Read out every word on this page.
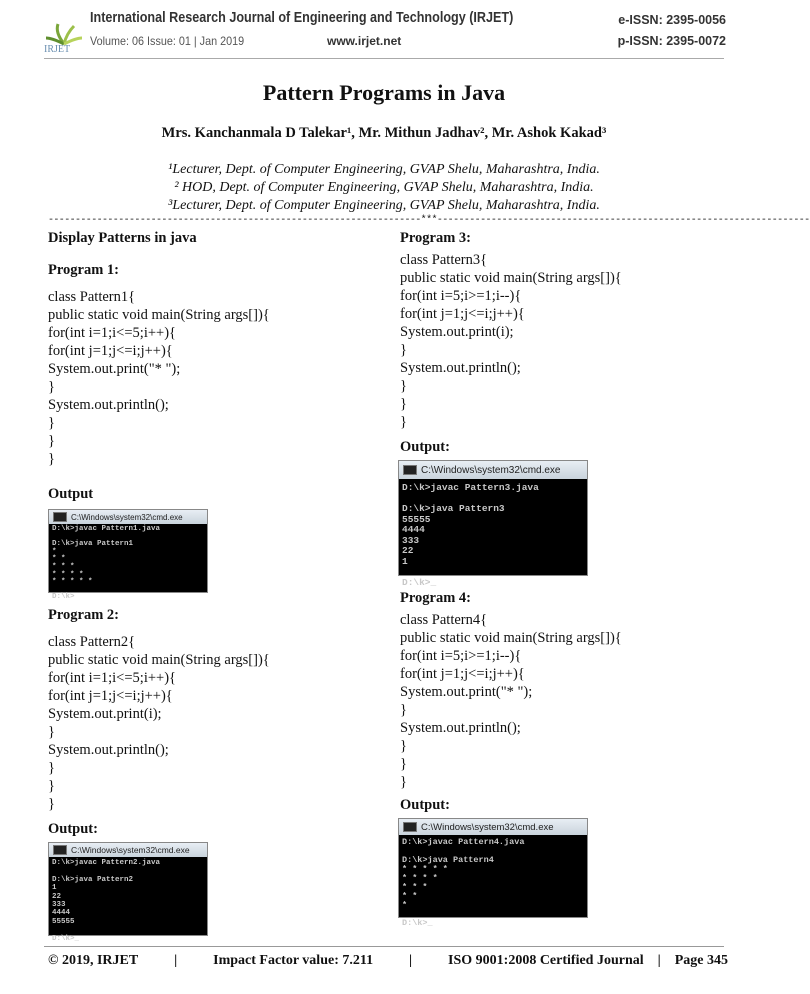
IRJET
International Research Journal of Engineering and Technology (IRJET)
Volume: 06 Issue: 01 | Jan 2019	www.irjet.net
e-ISSN: 2395-0056
p-ISSN: 2395-0072
Pattern Programs in Java
Mrs. Kanchanmala D Talekar¹, Mr. Mithun Jadhav², Mr. Ashok Kakad³
¹Lecturer, Dept. of Computer Engineering, GVAP Shelu, Maharashtra, India.
² HOD, Dept. of Computer Engineering, GVAP Shelu, Maharashtra, India.
³Lecturer, Dept. of Computer Engineering, GVAP Shelu, Maharashtra, India.
---------------------------------------------------------------------***---------------------------------------------------------------------
Display Patterns in java
Program 1:
class Pattern1{
public static void main(String args[]){
for(int i=1;i<=5;i++){
for(int j=1;j<=i;j++){
System.out.print("* ");
}
System.out.println();
}
}
}
Output
C:\Windows\system32\cmd.exe
D:\k>javac Pattern1.java

D:\k>java Pattern1
*
* *
* * *
* * * *
* * * * *

D:\k>
Program 2:
class Pattern2{
public static void main(String args[]){
for(int i=1;i<=5;i++){
for(int j=1;j<=i;j++){
System.out.print(i);
}
System.out.println();
}
}
}
Output:
C:\Windows\system32\cmd.exe
D:\k>javac Pattern2.java

D:\k>java Pattern2
1
22
333
4444
55555

D:\k>_
Program 3:
class Pattern3{
public static void main(String args[]){
for(int i=5;i>=1;i--){
for(int j=1;j<=i;j++){
System.out.print(i);
}
System.out.println();
}
}
}
Output:
C:\Windows\system32\cmd.exe
D:\k>javac Pattern3.java

D:\k>java Pattern3
55555
4444
333
22
1

D:\k>_
Program 4:
class Pattern4{
public static void main(String args[]){
for(int i=5;i>=1;i--){
for(int j=1;j<=i;j++){
System.out.print("* ");
}
System.out.println();
}
}
}
Output:
C:\Windows\system32\cmd.exe
D:\k>javac Pattern4.java

D:\k>java Pattern4
* * * * *
* * * *
* * *
* *
*

D:\k>_
© 2019, IRJET	|	Impact Factor value: 7.211	|	ISO 9001:2008 Certified Journal | Page 345
